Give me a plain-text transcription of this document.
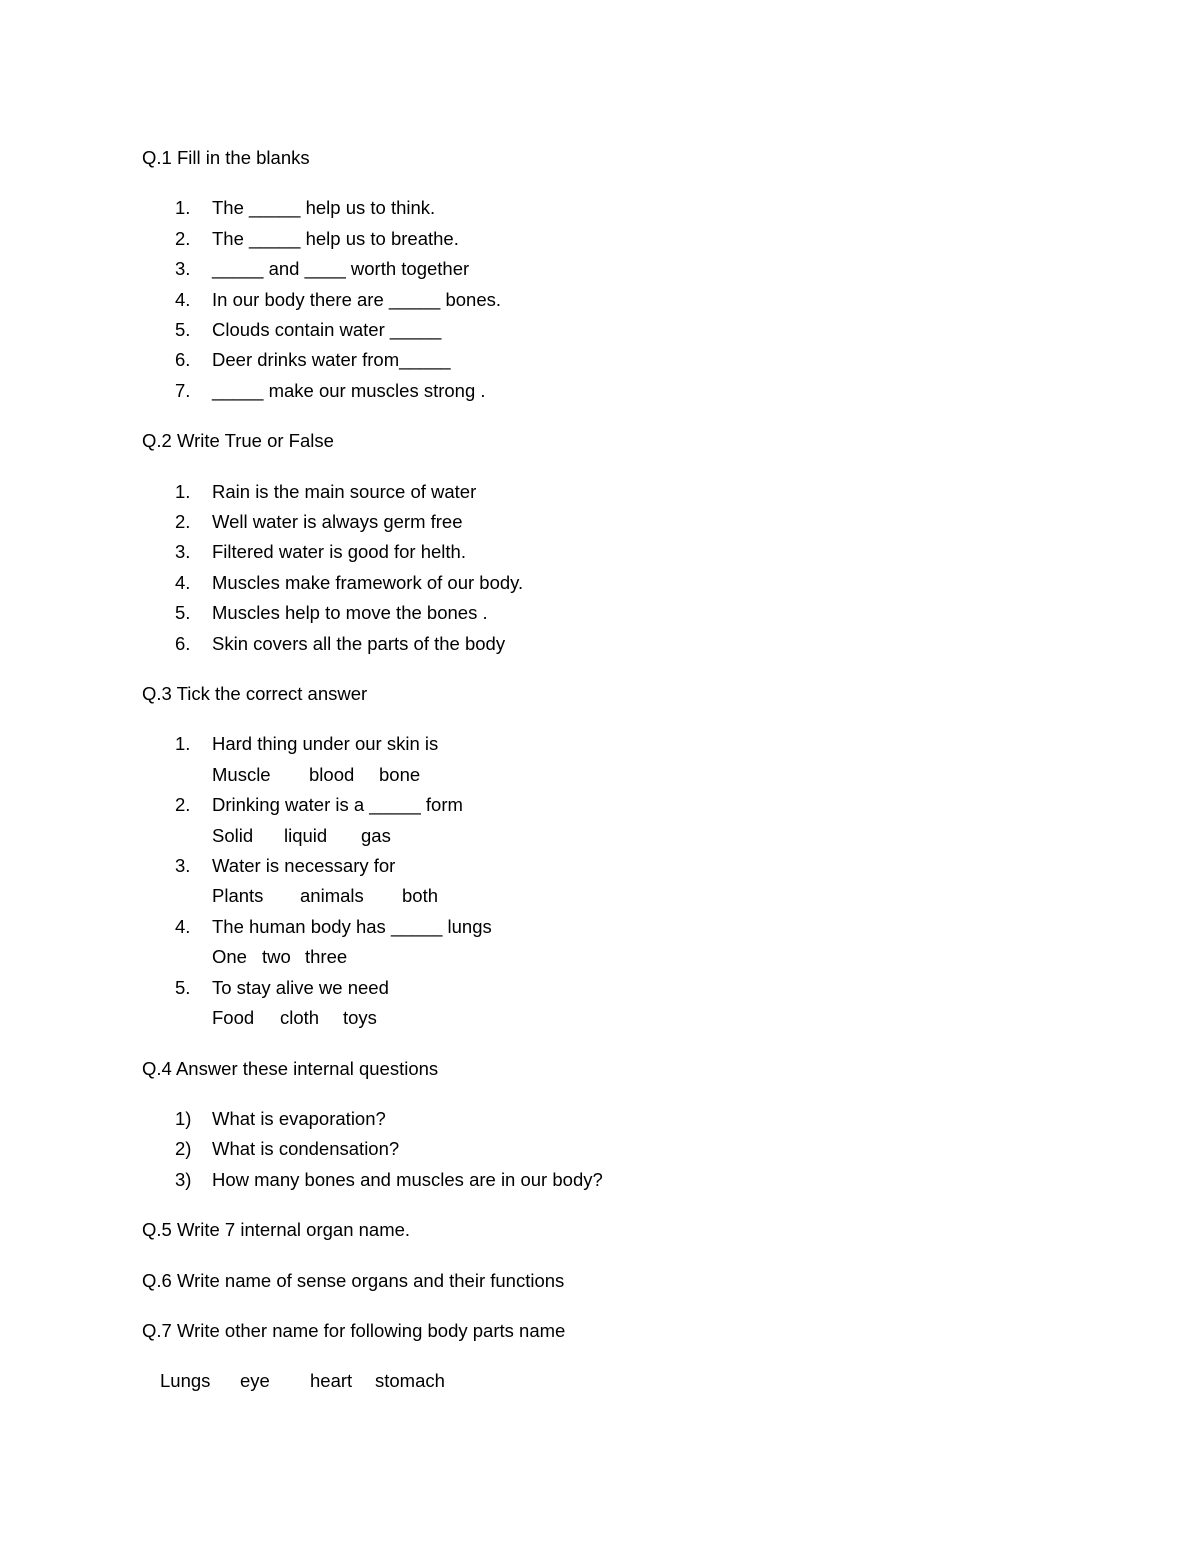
Q.1 Fill in the blanks

1. The _____ help us to think.
2. The _____ help us to breathe.
3. _____ and ____ worth together
4. In our body there are _____ bones.
5. Clouds contain water _____
6. Deer drinks water from_____
7. _____ make our muscles strong .

Q.2 Write True or False

1. Rain is the main source of water
2. Well water is always germ free
3. Filtered water is good for helth.
4. Muscles make framework of our body.
5. Muscles help to move the bones .
6. Skin covers all the parts of the body

Q.3 Tick the correct answer

1. Hard thing under our skin is
Muscle blood bone
2. Drinking water is a _____ form
Solid liquid gas
3. Water is necessary for
Plants animals both
4. The human body has _____ lungs
One two three
5. To stay alive we need
Food cloth toys

Q.4 Answer these internal questions

1) What is evaporation?
2) What is condensation?
3) How many bones and muscles are in our body?

Q.5 Write 7 internal organ name.

Q.6 Write name of sense organs and their functions

Q.7 Write other name for following body parts name

Lungs eye heart stomach
